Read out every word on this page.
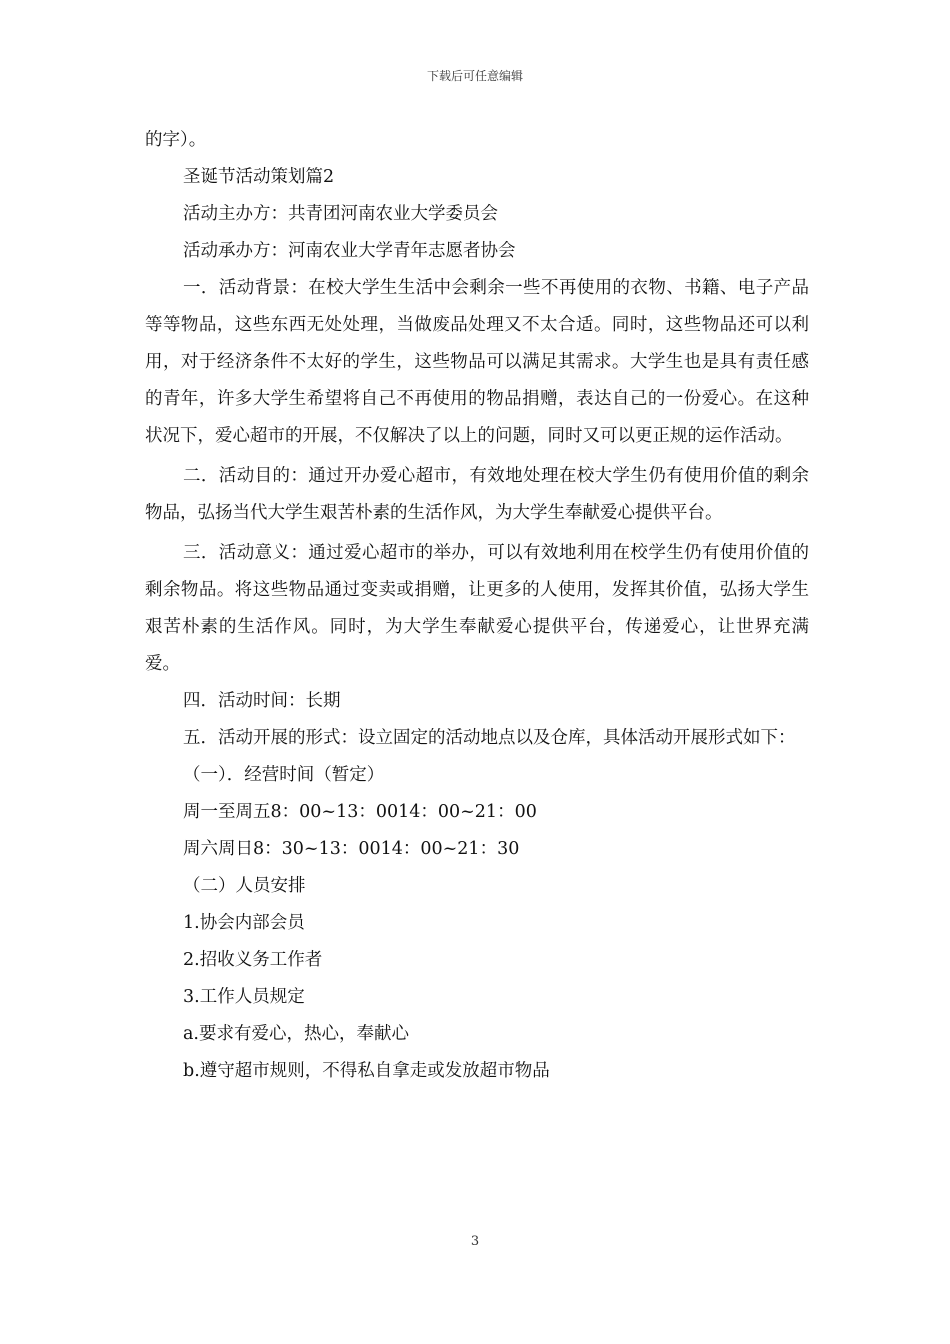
下载后可任意编辑

的字）。

圣诞节活动策划篇2

活动主办方：共青团河南农业大学委员会

活动承办方：河南农业大学青年志愿者协会

一．活动背景：在校大学生生活中会剩余一些不再使用的衣物、书籍、电子产品等等物品，这些东西无处处理，当做废品处理又不太合适。同时，这些物品还可以利用，对于经济条件不太好的学生，这些物品可以满足其需求。大学生也是具有责任感的青年，许多大学生希望将自己不再使用的物品捐赠，表达自己的一份爱心。在这种状况下，爱心超市的开展，不仅解决了以上的问题，同时又可以更正规的运作活动。

二．活动目的：通过开办爱心超市，有效地处理在校大学生仍有使用价值的剩余物品，弘扬当代大学生艰苦朴素的生活作风，为大学生奉献爱心提供平台。

三．活动意义：通过爱心超市的举办，可以有效地利用在校学生仍有使用价值的剩余物品。将这些物品通过变卖或捐赠，让更多的人使用，发挥其价值，弘扬大学生艰苦朴素的生活作风。同时，为大学生奉献爱心提供平台，传递爱心，让世界充满爱。

四．活动时间：长期

五．活动开展的形式：设立固定的活动地点以及仓库，具体活动开展形式如下：

（一）．经营时间（暂定）

周一至周五8：00~13：0014：00~21：00

周六周日8：30~13：0014：00~21：30

（二）人员安排

1.协会内部会员

2.招收义务工作者

3.工作人员规定

a.要求有爱心，热心，奉献心

b.遵守超市规则，不得私自拿走或发放超市物品

3
